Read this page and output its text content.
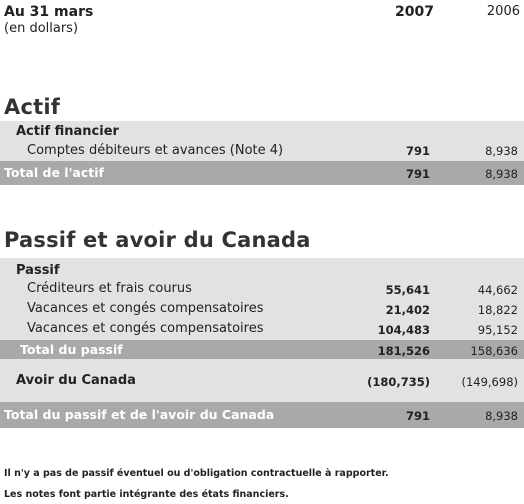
Au 31 mars
(en dollars)
2007	2006
Actif
Actif financier
Comptes débiteurs et avances (Note 4)	791	8,938
Total de l'actif	791	8,938
Passif et avoir du Canada
Passif
Créditeurs et frais courus	55,641	44,662
Vacances et congés compensatoires	21,402	18,822
Vacances et congés compensatoires	104,483	95,152
Total du passif	181,526	158,636
Avoir du Canada	(180,735)	(149,698)
Total du passif et de l'avoir du Canada	791	8,938
Il n'y a pas de passif éventuel ou d'obligation contractuelle à rapporter.
Les notes font partie intégrante des états financiers.
